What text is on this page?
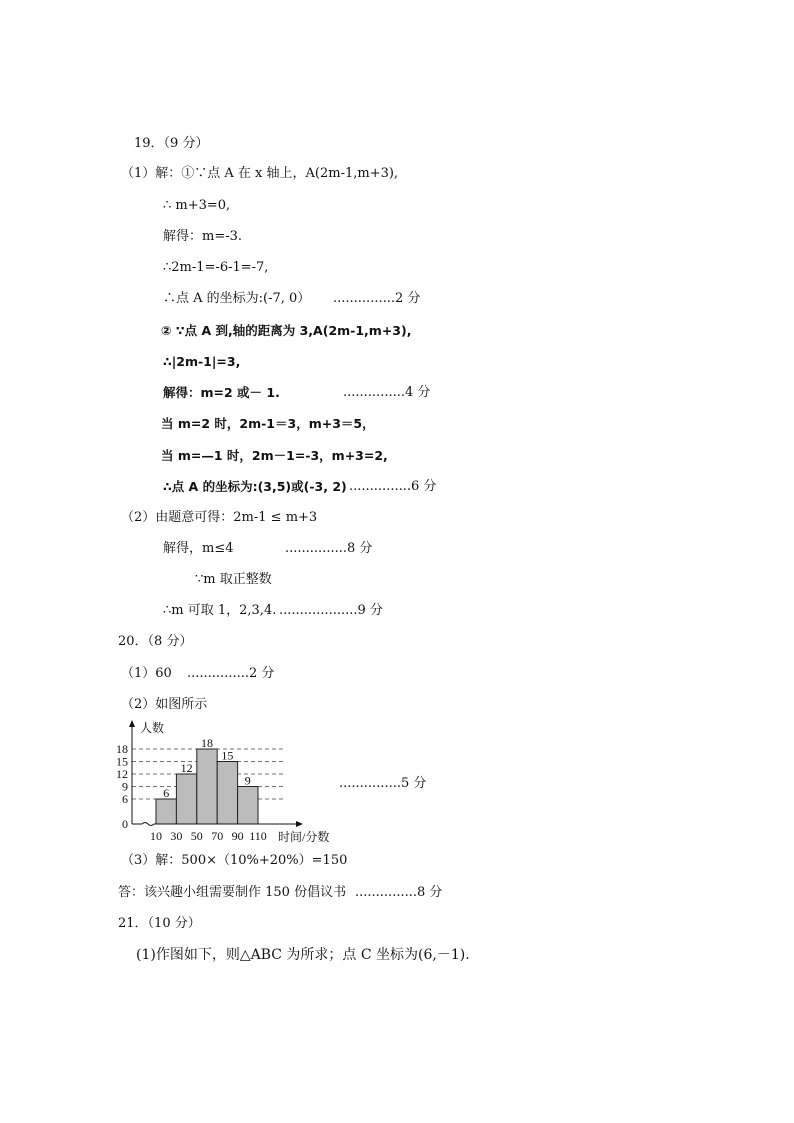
19．（9 分）
（1）解：①∵点 A 在 x 轴上，A(2m-1,m+3),
∴ m+3=0,
解得：m=-3.
∴2m-1=-6-1=-7,
∴点 A 的坐标为:(-7, 0） ...............2 分
② ∵点 A 到,轴的距离为 3,A(2m-1,m+3),
∴|2m-1|=3,
解得：m=2 或－ 1.	...............4 分
当 m=2 时，2m-1＝3，m+3＝5，
当 m=—1 时，2m－1=-3，m+3=2,
∴点 A 的坐标为:(3,5)或(-3, 2) ...............6 分
（2）由题意可得：2m-1 ≤ m+3
解得，m≤4	...............8 分
∵m 取正整数
∴m 可取 1，2,3,4. ...................9 分
20．（8 分）
（1）60 ...............2 分
（2）如图所示
6
12
18
15
9
0
6
9
12
15
18
10 30 50 70 90 110
人数
时间/分数
...............5 分
（3）解：500×（10%+20%）=150
答：该兴趣小组需要制作 150 份倡议书 ...............8 分
21．（10 分）
(1)作图如下，则△ABC 为所求；点 C 坐标为(6,－1).
